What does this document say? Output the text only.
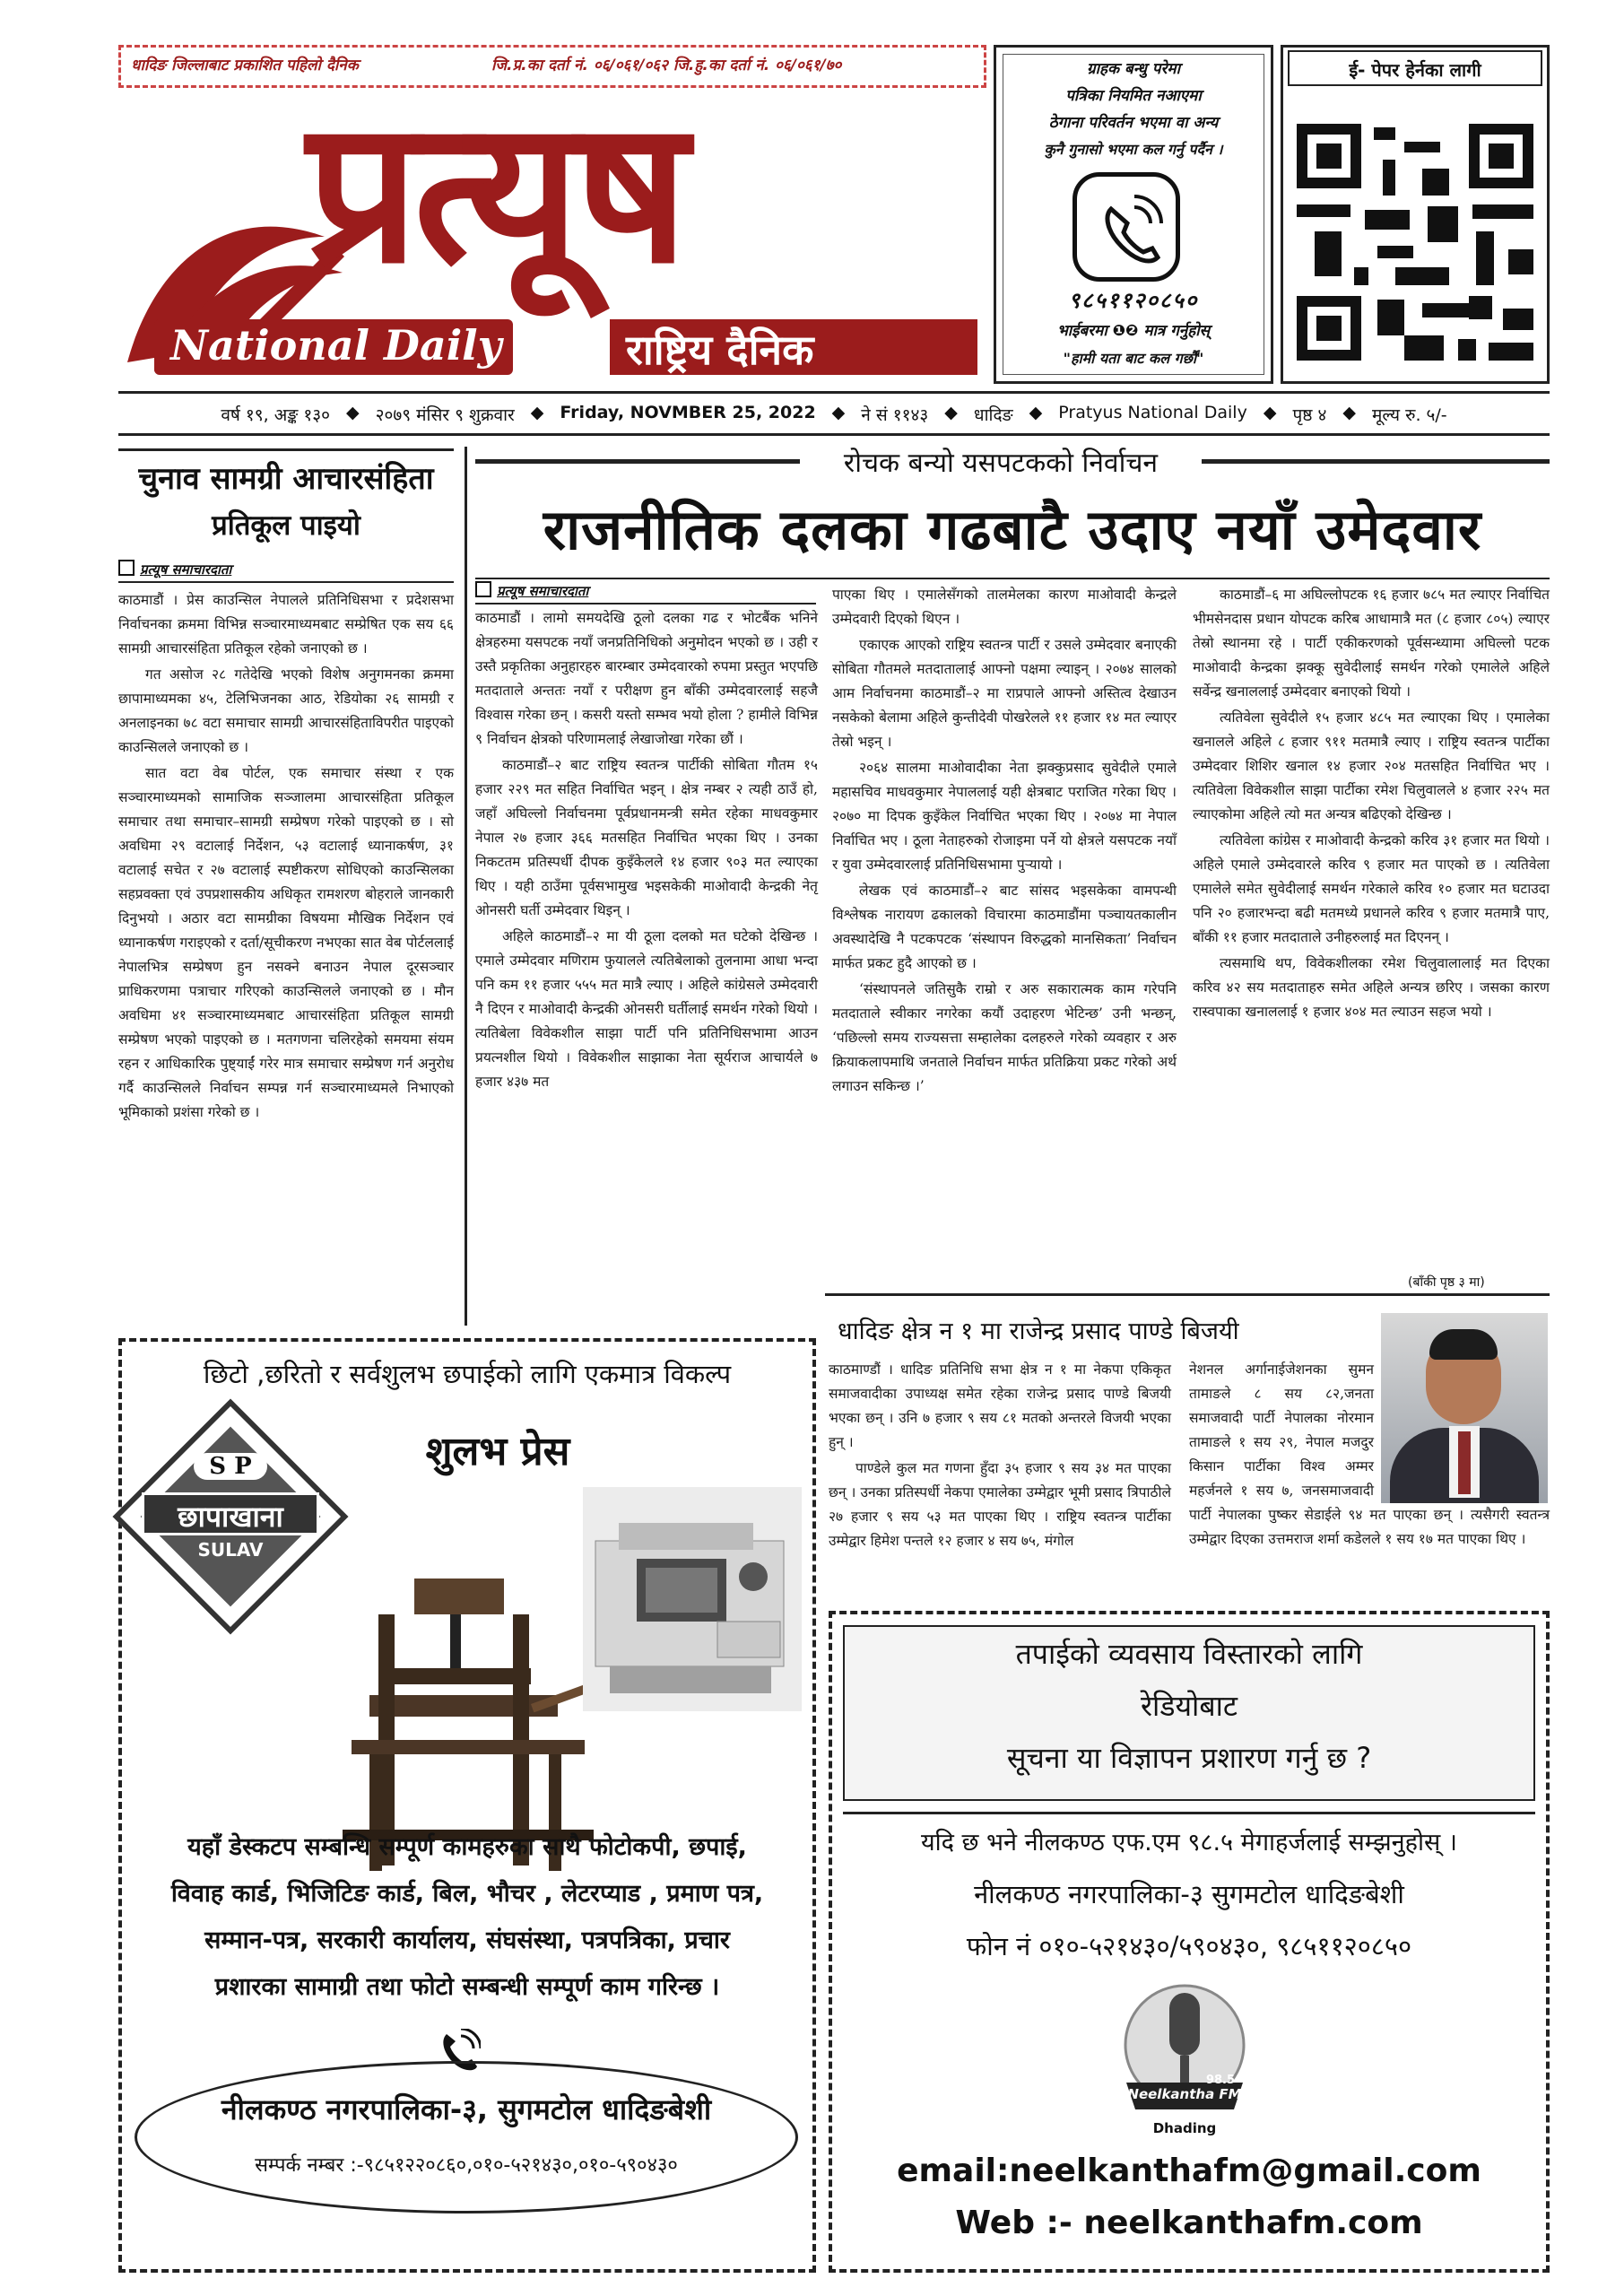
धादिङ जिल्लाबाट प्रकाशित पहिलो दैनिक	जि.प्र.का दर्ता नं. ०६/०६१/०६२ जि.हु.का दर्ता नं. ०६/०६१/७०
प्रत्यूष
National Daily	राष्ट्रिय दैनिक
ग्राहक बन्धु परेमा
पत्रिका नियमित नआएमा
ठेगाना परिवर्तन भएमा वा अन्य
कुनै गुनासो भएमा कल गर्नु पर्दैन ।
९८५११२०८५०
भाईबरमा ❶❷ मात्र गर्नुहोस्
"हामी यता बाट कल गर्छौं"
ई- पेपर हेर्नका लागी
वर्ष १९, अङ्क १३० ◆ २०७९ मंसिर ९ शुक्रवार ◆ Friday, NOVMBER 25, 2022 ◆ ने सं ११४३ ◆ धादिङ ◆ Pratyus National Daily ◆ पृष्ठ ४ ◆ मूल्य रु. ५/-
चुनाव सामग्री आचारसंहिता
प्रतिकूल पाइयो
प्रत्यूष समाचारदाता

काठमाडौं । प्रेस काउन्सिल नेपालले प्रतिनिधिसभा र प्रदेशसभा निर्वाचनका क्रममा विभिन्न सञ्चारमाध्यमबाट सम्प्रेषित एक सय ६६ सामग्री आचारसंहिता प्रतिकूल रहेको जनाएको छ ।

गत असोज २८ गतेदेखि भएको विशेष अनुगमनका क्रममा छापामाध्यमका ४५, टेलिभिजनका आठ, रेडियोका २६ सामग्री र अनलाइनका ७८ वटा समाचार सामग्री आचारसंहिताविपरीत पाइएको काउन्सिलले जनाएको छ ।

सात वटा वेब पोर्टल, एक समाचार संस्था र एक सञ्चारमाध्यमको सामाजिक सञ्जालमा आचारसंहिता प्रतिकूल समाचार तथा समाचार–सामग्री सम्प्रेषण गरेको पाइएको छ । सो अवधिमा २९ वटालाई निर्देशन, ५३ वटालाई ध्यानाकर्षण, ३१ वटालाई सचेत र २७ वटालाई स्पष्टीकरण सोधिएको काउन्सिलका सहप्रवक्ता एवं उपप्रशासकीय अधिकृत रामशरण बोहराले जानकारी दिनुभयो । अठार वटा सामग्रीका विषयमा मौखिक निर्देशन एवं ध्यानाकर्षण गराइएको र दर्ता/सूचीकरण नभएका सात वेब पोर्टललाई नेपालभित्र सम्प्रेषण हुन नसक्ने बनाउन नेपाल दूरसञ्चार प्राधिकरणमा पत्राचार गरिएको काउन्सिलले जनाएको छ । मौन अवधिमा ४१ सञ्चारमाध्यमबाट आचारसंहिता प्रतिकूल सामग्री सम्प्रेषण भएको पाइएको छ । मतगणना चलिरहेको समयमा संयम रहन र आधिकारिक पुष्ट्याईं गरेर मात्र समाचार सम्प्रेषण गर्न अनुरोध गर्दै काउन्सिलले निर्वाचन सम्पन्न गर्न सञ्चारमाध्यमले निभाएको भूमिकाको प्रशंसा गरेको छ ।

रोचक बन्यो यसपटकको निर्वाचन
राजनीतिक दलका गढबाटै उदाए नयाँ उमेदवार
प्रत्यूष समाचारदाता

काठमाडौं । लामो समयदेखि ठूलो दलका गढ र भोटबैंक भनिने क्षेत्रहरुमा यसपटक नयाँ जनप्रतिनिधिको अनुमोदन भएको छ । उही र उस्तै प्रकृतिका अनुहारहरु बारम्बार उम्मेदवारको रुपमा प्रस्तुत भएपछि मतदाताले अन्ततः नयाँ र परीक्षण हुन बाँकी उम्मेदवारलाई सहजै विश्वास गरेका छन् । कसरी यस्तो सम्भव भयो होला ? हामीले विभिन्न ९ निर्वाचन क्षेत्रको परिणामलाई लेखाजोखा गरेका छौं ।

काठमाडौं–२ बाट राष्ट्रिय स्वतन्त्र पार्टीकी सोबिता गौतम १५ हजार २२९ मत सहित निर्वाचित भइन् । क्षेत्र नम्बर २ त्यही ठाउँ हो, जहाँ अघिल्लो निर्वाचनमा पूर्वप्रधानमन्त्री समेत रहेका माधवकुमार नेपाल २७ हजार ३६६ मतसहित निर्वाचित भएका थिए । उनका निकटतम प्रतिस्पर्धी दीपक कुइँकेलले १४ हजार ९०३ मत ल्याएका थिए । यही ठाउँमा पूर्वसभामुख भइसकेकी माओवादी केन्द्रकी नेतृ ओनसरी घर्ती उम्मेदवार थिइन् ।

अहिले काठमाडौं–२ मा यी ठूला दलको मत घटेको देखिन्छ । एमाले उम्मेदवार मणिराम फुयालले त्यतिबेलाको तुलनामा आधा भन्दा पनि कम ११ हजार ५५५ मत मात्रै ल्याए । अहिले कांग्रेसले उम्मेदवारी नै दिएन र माओवादी केन्द्रकी ओनसरी घर्तीलाई समर्थन गरेको थियो । त्यतिबेला विवेकशील साझा पार्टी पनि प्रतिनिधिसभामा आउन प्रयत्नशील थियो । विवेकशील साझाका नेता सूर्यराज आचार्यले ७ हजार ४३७ मत

पाएका थिए । एमालेसँगको तालमेलका कारण माओवादी केन्द्रले उम्मेदवारी दिएको थिएन ।

एकाएक आएको राष्ट्रिय स्वतन्त्र पार्टी र उसले उम्मेदवार बनाएकी सोबिता गौतमले मतदातालाई आफ्नो पक्षमा ल्याइन् । २०७४ सालको आम निर्वाचनमा काठमाडौं–२ मा राप्रपाले आफ्नो अस्तित्व देखाउन नसकेको बेलामा अहिले कुन्तीदेवी पोखरेलले ११ हजार १४ मत ल्याएर तेस्रो भइन् ।

२०६४ सालमा माओवादीका नेता झक्कुप्रसाद सुवेदीले एमाले महासचिव माधवकुमार नेपाललाई यही क्षेत्रबाट पराजित गरेका थिए । २०७० मा दिपक कुइँकेल निर्वाचित भएका थिए । २०७४ मा नेपाल निर्वाचित भए । ठूला नेताहरुको रोजाइमा पर्ने यो क्षेत्रले यसपटक नयाँ र युवा उम्मेदवारलाई प्रतिनिधिसभामा पुर्‍यायो ।

लेखक एवं काठमाडौं–२ बाट सांसद भइसकेका वामपन्थी विश्लेषक नारायण ढकालको विचारमा काठमाडौंमा पञ्चायतकालीन अवस्थादेखि नै पटकपटक ‘संस्थापन विरुद्धको मानसिकता’ निर्वाचन मार्फत प्रकट हुदै आएको छ ।

‘संस्थापनले जतिसुकै राम्रो र अरु सकारात्मक काम गरेपनि मतदाताले स्वीकार नगरेका कयौं उदाहरण भेटिन्छ’ उनी भन्छन्, ‘पछिल्लो समय राज्यसत्ता सम्हालेका दलहरुले गरेको व्यवहार र अरु क्रियाकलापमाथि जनताले निर्वाचन मार्फत प्रतिक्रिया प्रकट गरेको अर्थ लगाउन सकिन्छ ।’

काठमाडौं–६ मा अघिल्लोपटक १६ हजार ७८५ मत ल्याएर निर्वाचित भीमसेनदास प्रधान योपटक करिब आधामात्रै मत (८ हजार ८०५) ल्याएर तेस्रो स्थानमा रहे । पार्टी एकीकरणको पूर्वसन्ध्यामा अघिल्लो पटक माओवादी केन्द्रका झक्कू सुवेदीलाई समर्थन गरेको एमालेले अहिले सर्वेन्द्र खनाललाई उम्मेदवार बनाएको थियो ।

त्यतिवेला सुवेदीले १५ हजार ४८५ मत ल्याएका थिए । एमालेका खनालले अहिले ८ हजार ९११ मतमात्रै ल्याए । राष्ट्रिय स्वतन्त्र पार्टीका उम्मेदवार शिशिर खनाल १४ हजार २०४ मतसहित निर्वाचित भए । त्यतिवेला विवेकशील साझा पार्टीका रमेश चिलुवालले ४ हजार २२५ मत ल्याएकोमा अहिले त्यो मत अन्यत्र बढिएको देखिन्छ ।

त्यतिवेला कांग्रेस र माओवादी केन्द्रको करिव ३१ हजार मत थियो । अहिले एमाले उम्मेदवारले करिव ९ हजार मत पाएको छ । त्यतिवेला एमालेले समेत सुवेदीलाई समर्थन गरेकाले करिव १० हजार मत घटाउदा पनि २० हजारभन्दा बढी मतमध्ये प्रधानले करिव ९ हजार मतमात्रै पाए, बाँकी ११ हजार मतदाताले उनीहरुलाई मत दिएनन् ।

त्यसमाथि थप, विवेकशीलका रमेश चिलुवालालाई मत दिएका करिव ४२ सय मतदाताहरु समेत अहिले अन्यत्र छरिए । जसका कारण रास्वपाका खनाललाई १ हजार ४०४ मत ल्याउन सहज भयो ।

(बाँकी पृष्ठ ३ मा)
धादिङ क्षेत्र न १ मा राजेन्द्र प्रसाद पाण्डे बिजयी

काठमाण्डौं । धादिङ प्रतिनिधि सभा क्षेत्र न १ मा नेकपा एकिकृत समाजवादीका उपाध्यक्ष समेत रहेका राजेन्द्र प्रसाद पाण्डे बिजयी भएका छन् । उनि ७ हजार ९ सय ८१ मतको अन्तरले विजयी भएका हुन् ।

पाण्डेले कुल मत गणना हुँदा ३५ हजार ९ सय ३४ मत पाएका छन् । उनका प्रतिस्पर्धी नेकपा एमालेका उम्मेद्वार भूमी प्रसाद त्रिपाठीले २७ हजार ९ सय ५३ मत पाएका थिए । राष्ट्रिय स्वतन्त्र पार्टीका उम्मेद्वार हिमेश पन्तले १२ हजार ४ सय ७५, मंगोल

नेशनल अर्गानाईजेशनका सुमन तामाङले ८ सय ८२,जनता समाजवादी पार्टी नेपालका नोरमान तामाङले १ सय २९, नेपाल मजदुर किसान पार्टीका विश्व अम्मर महर्जनले १ सय ७, जनसमाजवादी पार्टी नेपालका पुष्कर सेडाईले ९४ मत पाएका छन् । त्यसैगरी स्वतन्त्र उम्मेद्वार दिएका उत्तमराज शर्मा कडेलले १ सय १७ मत पाएका थिए ।
छिटो ,छरितो र सर्वशुलभ छपाईको लागि एकमात्र विकल्प
शुलभ प्रेस
S P
छापाखाना
SULAV
यहाँ डेस्कटप सम्बन्धि सम्पूर्ण कामहरुका साथै फोटोकपी, छपाई,
विवाह कार्ड, भिजिटिङ कार्ड, बिल, भौचर , लेटरप्याड , प्रमाण पत्र,
सम्मान-पत्र, सरकारी कार्यालय, संघसंस्था, पत्रपत्रिका, प्रचार
प्रशारका सामाग्री तथा फोटो सम्बन्धी सम्पूर्ण काम गरिन्छ ।
नीलकण्ठ नगरपालिका-३, सुगमटोल धादिङबेशी
सम्पर्क नम्बर :-९८५१२२०८६०,०१०-५२१४३०,०१०-५९०४३०
तपाईको व्यवसाय विस्तारको लागि
रेडियोबाट
सूचना या विज्ञापन प्रशारण गर्नु छ ?
यदि छ भने नीलकण्ठ एफ.एम ९८.५ मेगाहर्जलाई सम्झनुहोस् ।
नीलकण्ठ नगरपालिका-३ सुगमटोल धादिङबेशी
फोन नं ०१०-५२१४३०/५९०४३०, ९८५११२०८५०
98.5
Neelkantha FM
Dhading
email:neelkanthafm@gmail.com
Web :- neelkanthafm.com
